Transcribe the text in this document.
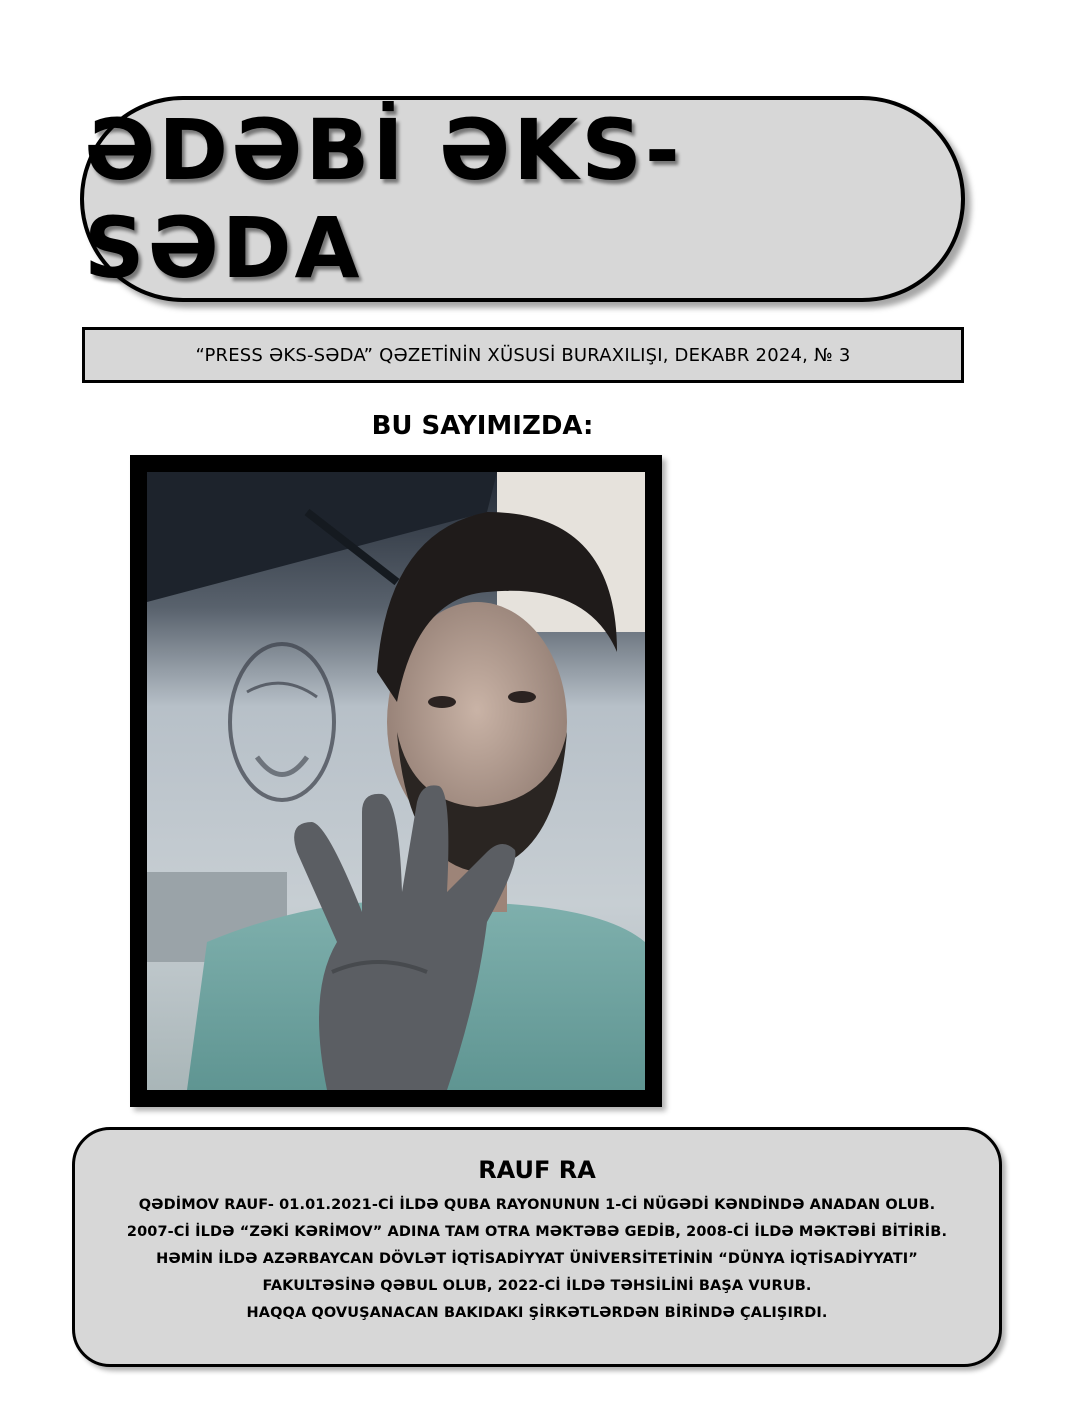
ƏDƏBİ ƏKS-SƏDA
“PRESS ƏKS-SƏDA” QƏZETİNİN XÜSUSİ BURAXILIŞI, DEKABR 2024, № 3
BU SAYIMIZDA:
RAUF RA
QƏDİMOV RAUF- 01.01.2021-Cİ İLDƏ QUBA RAYONUNUN 1-Cİ NÜGƏDİ KƏNDİNDƏ ANADAN OLUB.
2007-Cİ İLDƏ “ZƏKİ KƏRİMOV” ADINA TAM OTRA MƏKTƏBƏ GEDİB, 2008-Cİ İLDƏ MƏKTƏBİ BİTİRİB.
HƏMİN İLDƏ AZƏRBAYCAN DÖVLƏT İQTİSADİYYAT ÜNİVERSİTETİNİN “DÜNYA İQTİSADİYYATI”
FAKULTƏSİNƏ QƏBUL OLUB, 2022-Cİ İLDƏ TƏHSİLİNİ BAŞA VURUB.
HAQQA QOVUŞANACAN BAKIDAKI ŞİRKƏTLƏRDƏN BİRİNDƏ ÇALIŞIRDI.
